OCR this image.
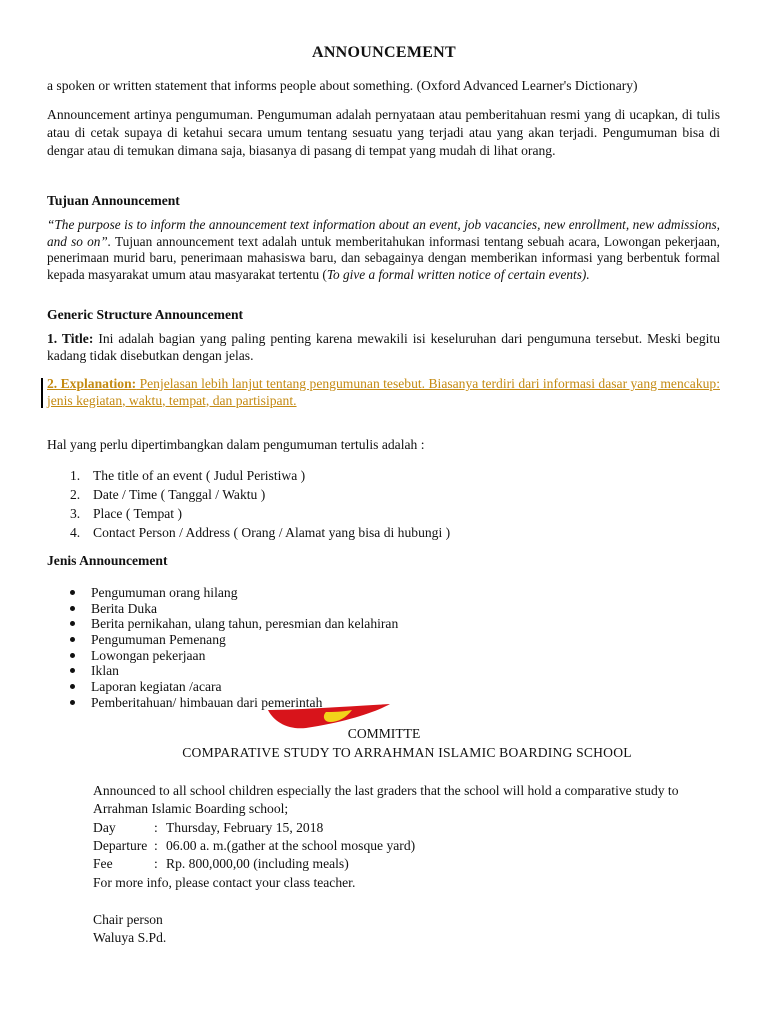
ANNOUNCEMENT

a spoken or written statement that informs people about something. (Oxford Advanced Learner's Dictionary)

Announcement artinya pengumuman. Pengumuman adalah pernyataan atau pemberitahuan resmi yang di ucapkan, di tulis atau di cetak supaya di ketahui secara umum tentang sesuatu yang terjadi atau yang akan terjadi. Pengumuman bisa di dengar atau di temukan dimana saja, biasanya di pasang di tempat yang mudah di lihat orang.

Tujuan Announcement

“The purpose is to inform the announcement text information about an event, job vacancies, new enrollment, new admissions, and so on”. Tujuan announcement text adalah untuk memberitahukan informasi tentang sebuah acara, Lowongan pekerjaan, penerimaan murid baru, penerimaan mahasiswa baru, dan sebagainya dengan memberikan informasi yang berbentuk formal kepada masyarakat umum atau masyarakat tertentu (To give a formal written notice of certain events).

Generic Structure Announcement

1. Title: Ini adalah bagian yang paling penting karena mewakili isi keseluruhan dari pengumuna tersebut. Meski begitu kadang tidak disebutkan dengan jelas.

2. Explanation: Penjelasan lebih lanjut tentang pengumunan tesebut. Biasanya terdiri dari informasi dasar yang mencakup: jenis kegiatan, waktu, tempat, dan partisipant.

Hal yang perlu dipertimbangkan dalam pengumuman tertulis adalah :

1. The title of an event ( Judul Peristiwa )
2. Date / Time ( Tanggal / Waktu )
3. Place ( Tempat )
4. Contact Person / Address ( Orang / Alamat yang bisa di hubungi )

Jenis Announcement

Pengumuman orang hilang
Berita Duka
Berita pernikahan, ulang tahun, peresmian dan kelahiran
Pengumuman Pemenang
Lowongan pekerjaan
Iklan
Laporan kegiatan /acara
Pemberitahuan/ himbauan dari pemerintah

COMMITTE

COMPARATIVE STUDY TO ARRAHMAN ISLAMIC BOARDING SCHOOL

Announced to all school children especially the last graders that the school will hold a comparative study to Arrahman Islamic Boarding school;

Day	: Thursday, February 15, 2018
Departure : 06.00 a. m.(gather at the school mosque yard)
Fee	: Rp. 800,000,00 (including meals)

For more info, please contact your class teacher.

Chair person

Waluya S.Pd.
